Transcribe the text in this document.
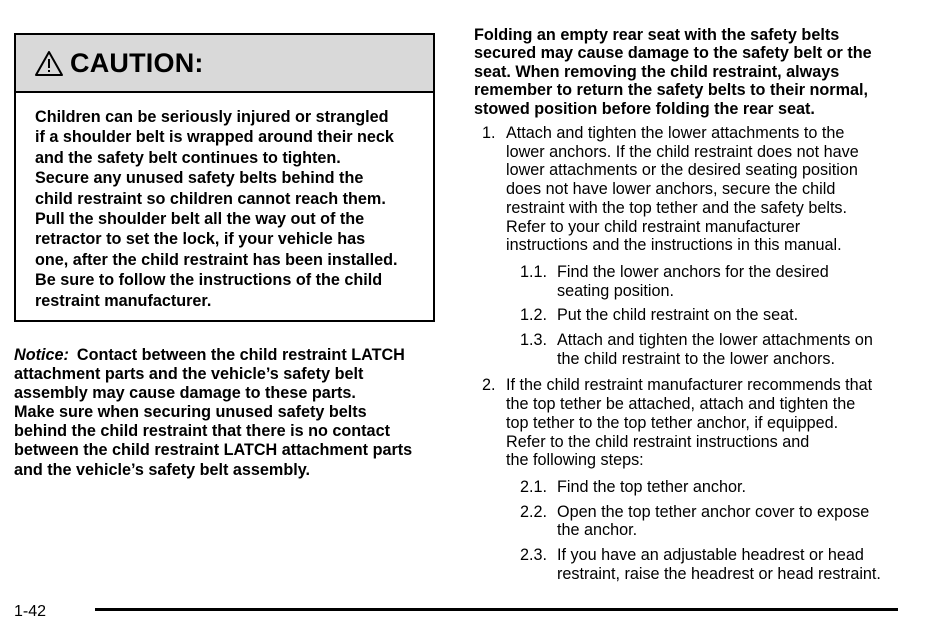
CAUTION:

Children can be seriously injured or strangled

if a shoulder belt is wrapped around their neck

and the safety belt continues to tighten.

Secure any unused safety belts behind the

child restraint so children cannot reach them.

Pull the shoulder belt all the way out of the

retractor to set the lock, if your vehicle has

one, after the child restraint has been installed.

Be sure to follow the instructions of the child

restraint manufacturer.

Notice: Contact between the child restraint LATCH

attachment parts and the vehicle’s safety belt

assembly may cause damage to these parts.

Make sure when securing unused safety belts

behind the child restraint that there is no contact

between the child restraint LATCH attachment parts

and the vehicle’s safety belt assembly.

Folding an empty rear seat with the safety belts

secured may cause damage to the safety belt or the

seat. When removing the child restraint, always

remember to return the safety belts to their normal,

stowed position before folding the rear seat.

1. Attach and tighten the lower attachments to the

lower anchors. If the child restraint does not have

lower attachments or the desired seating position

does not have lower anchors, secure the child

restraint with the top tether and the safety belts.

Refer to your child restraint manufacturer

instructions and the instructions in this manual.

1.1. Find the lower anchors for the desired

seating position.

1.2. Put the child restraint on the seat.

1.3. Attach and tighten the lower attachments on

the child restraint to the lower anchors.

2. If the child restraint manufacturer recommends that

the top tether be attached, attach and tighten the

top tether to the top tether anchor, if equipped.

Refer to the child restraint instructions and

the following steps:

2.1. Find the top tether anchor.

2.2. Open the top tether anchor cover to expose

the anchor.

2.3. If you have an adjustable headrest or head

restraint, raise the headrest or head restraint.

1-42
